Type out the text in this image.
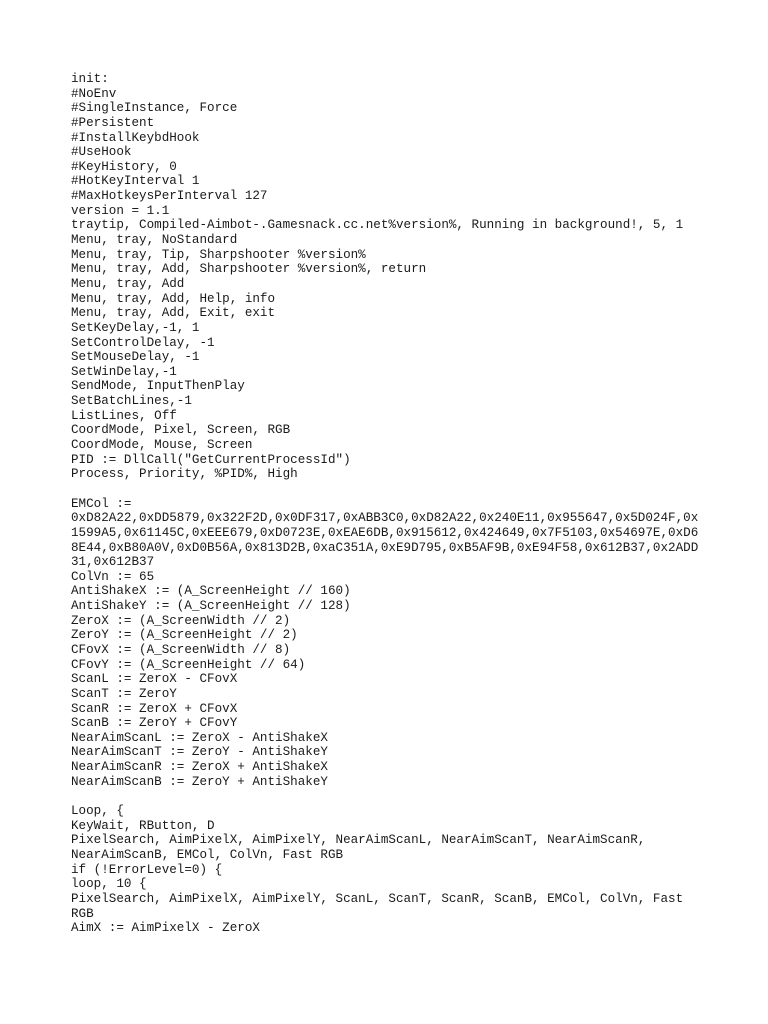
init:
#NoEnv
#SingleInstance, Force
#Persistent
#InstallKeybdHook
#UseHook
#KeyHistory, 0
#HotKeyInterval 1
#MaxHotkeysPerInterval 127
version = 1.1
traytip, Compiled-Aimbot-.Gamesnack.cc.net%version%, Running in background!, 5, 1
Menu, tray, NoStandard
Menu, tray, Tip, Sharpshooter %version%
Menu, tray, Add, Sharpshooter %version%, return
Menu, tray, Add
Menu, tray, Add, Help, info
Menu, tray, Add, Exit, exit
SetKeyDelay,-1, 1
SetControlDelay, -1
SetMouseDelay, -1
SetWinDelay,-1
SendMode, InputThenPlay
SetBatchLines,-1
ListLines, Off
CoordMode, Pixel, Screen, RGB
CoordMode, Mouse, Screen
PID := DllCall("GetCurrentProcessId")
Process, Priority, %PID%, High
EMCol :=
0xD82A22,0xDD5879,0x322F2D,0x0DF317,0xABB3C0,0xD82A22,0x240E11,0x955647,0x5D024F,0x
1599A5,0x61145C,0xEEE679,0xD0723E,0xEAE6DB,0x915612,0x424649,0x7F5103,0x54697E,0xD6
8E44,0xB80A0V,0xD0B56A,0x813D2B,0xaC351A,0xE9D795,0xB5AF9B,0xE94F58,0x612B37,0x2ADD
31,0x612B37
ColVn := 65
AntiShakeX := (A_ScreenHeight // 160)
AntiShakeY := (A_ScreenHeight // 128)
ZeroX := (A_ScreenWidth // 2)
ZeroY := (A_ScreenHeight // 2)
CFovX := (A_ScreenWidth // 8)
CFovY := (A_ScreenHeight // 64)
ScanL := ZeroX - CFovX
ScanT := ZeroY
ScanR := ZeroX + CFovX
ScanB := ZeroY + CFovY
NearAimScanL := ZeroX - AntiShakeX
NearAimScanT := ZeroY - AntiShakeY
NearAimScanR := ZeroX + AntiShakeX
NearAimScanB := ZeroY + AntiShakeY
Loop, {
KeyWait, RButton, D
PixelSearch, AimPixelX, AimPixelY, NearAimScanL, NearAimScanT, NearAimScanR,
NearAimScanB, EMCol, ColVn, Fast RGB
if (!ErrorLevel=0) {
loop, 10 {
PixelSearch, AimPixelX, AimPixelY, ScanL, ScanT, ScanR, ScanB, EMCol, ColVn, Fast
RGB
AimX := AimPixelX - ZeroX
